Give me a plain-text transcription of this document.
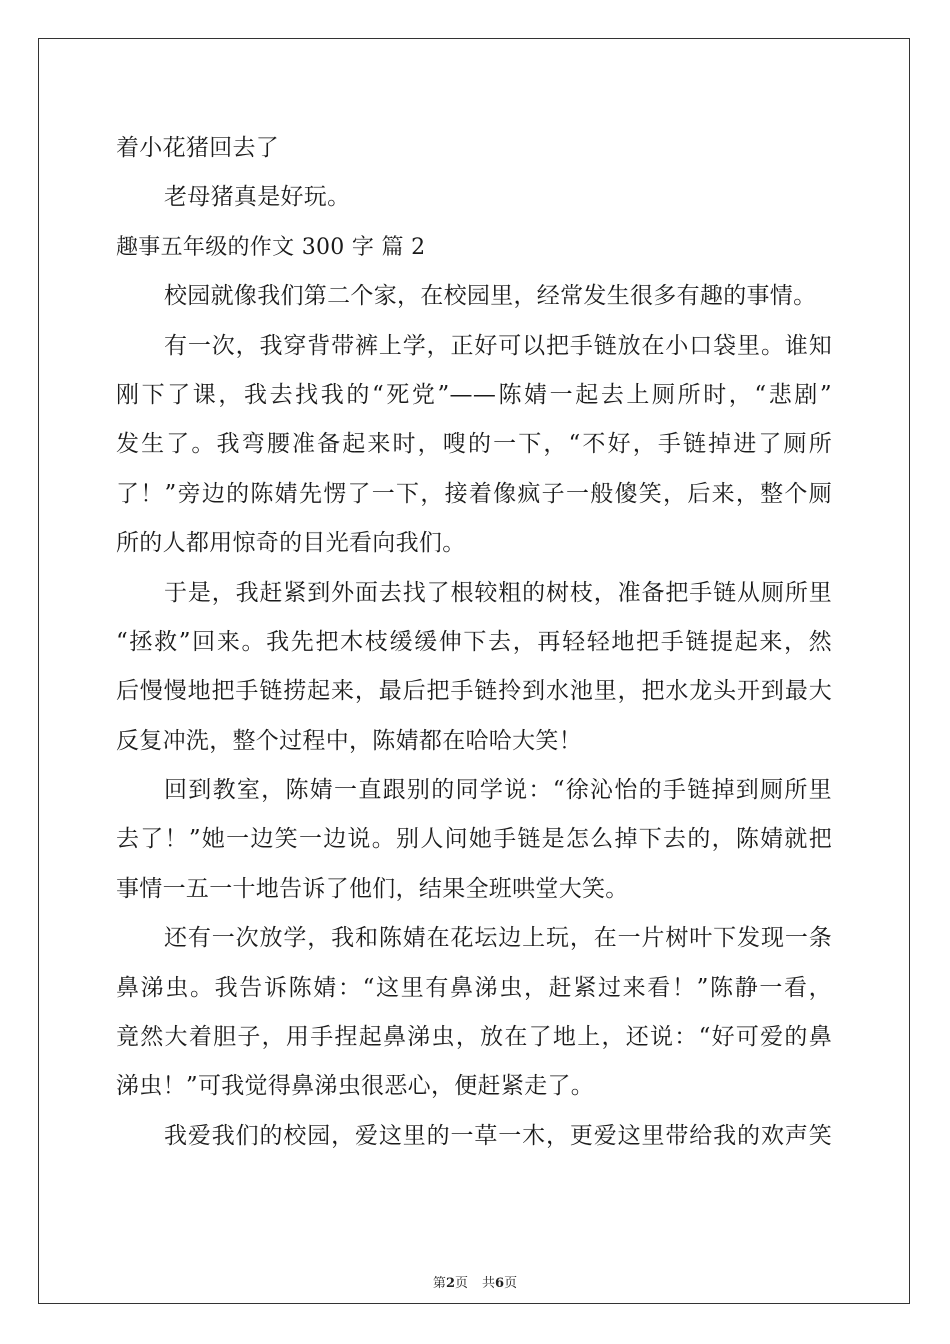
着小花猪回去了
老母猪真是好玩。
趣事五年级的作文 300 字 篇 2
校园就像我们第二个家，在校园里，经常发生很多有趣的事情。
有一次，我穿背带裤上学，正好可以把手链放在小口袋里。谁知
刚下了课，我去找我的“死党”——陈婧一起去上厕所时，“悲剧”
发生了。我弯腰准备起来时，嗖的一下，“不好，手链掉进了厕所
了！”旁边的陈婧先愣了一下，接着像疯子一般傻笑，后来，整个厕
所的人都用惊奇的目光看向我们。
于是，我赶紧到外面去找了根较粗的树枝，准备把手链从厕所里
“拯救”回来。我先把木枝缓缓伸下去，再轻轻地把手链提起来，然
后慢慢地把手链捞起来，最后把手链拎到水池里，把水龙头开到最大
反复冲洗，整个过程中，陈婧都在哈哈大笑！
回到教室，陈婧一直跟别的同学说：“徐沁怡的手链掉到厕所里
去了！”她一边笑一边说。别人问她手链是怎么掉下去的，陈婧就把
事情一五一十地告诉了他们，结果全班哄堂大笑。
还有一次放学，我和陈婧在花坛边上玩，在一片树叶下发现一条
鼻涕虫。我告诉陈婧：“这里有鼻涕虫，赶紧过来看！”陈静一看，
竟然大着胆子，用手捏起鼻涕虫，放在了地上，还说：“好可爱的鼻
涕虫！”可我觉得鼻涕虫很恶心，便赶紧走了。
我爱我们的校园，爱这里的一草一木，更爱这里带给我的欢声笑
第2页 共6页
